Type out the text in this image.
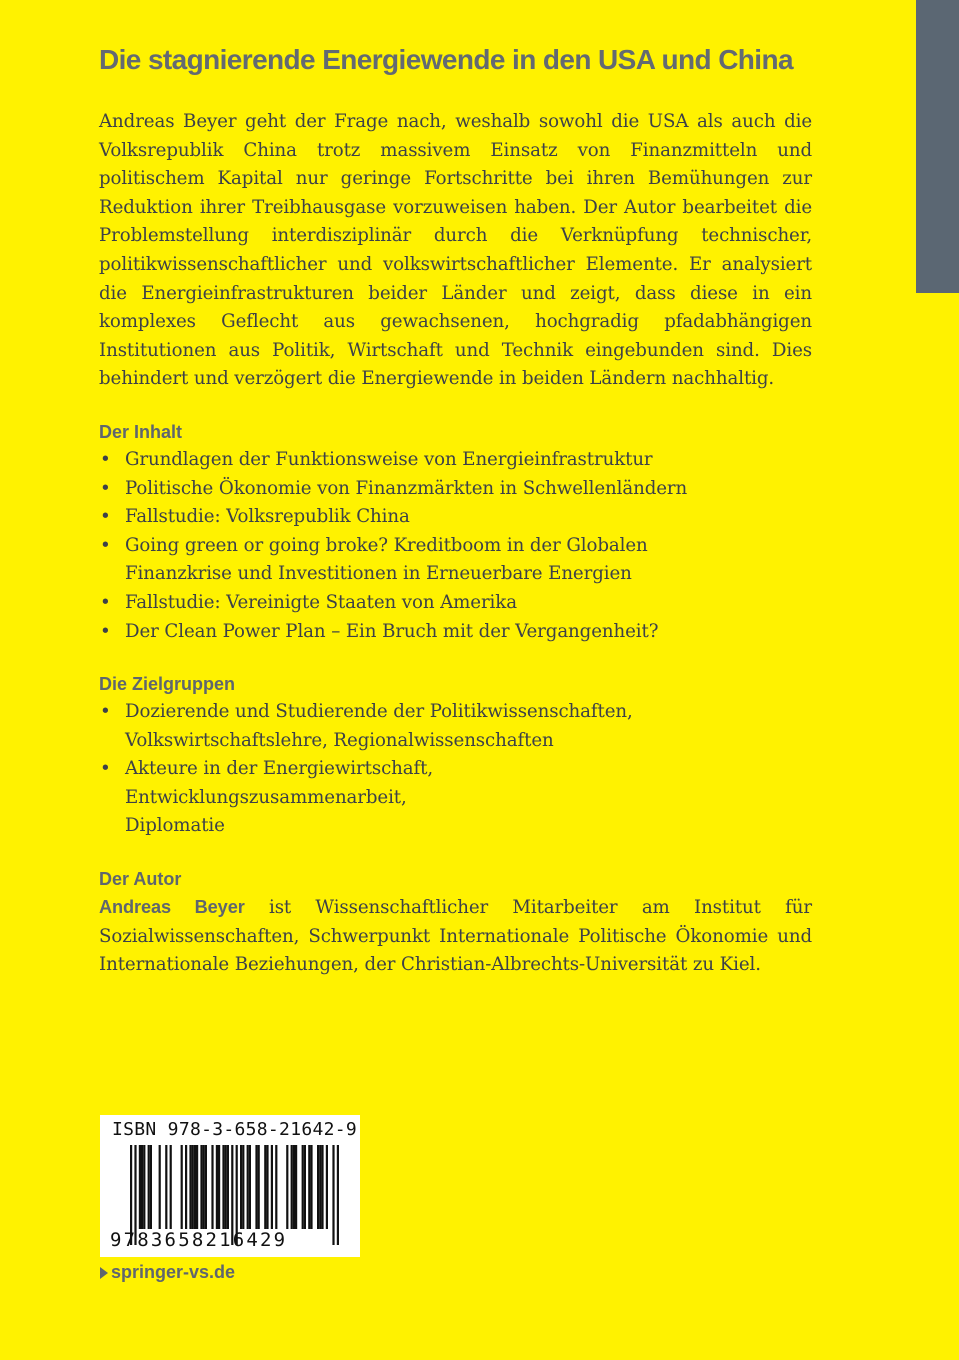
Die stagnierende Energiewende in den USA und China

Andreas Beyer geht der Frage nach, weshalb sowohl die USA als auch die Volksrepublik China trotz massivem Einsatz von Finanzmitteln und politischem Kapital nur geringe Fortschritte bei ihren Bemühungen zur Reduktion ihrer Treibhausgase vorzuweisen haben. Der Autor bearbeitet die Problemstellung interdisziplinär durch die Verknüpfung technischer, politikwissenschaftlicher und volkswirtschaftlicher Elemente. Er analysiert die Energieinfrastrukturen beider Länder und zeigt, dass diese in ein komplexes Geflecht aus gewachsenen, hochgradig pfadabhängigen Institutionen aus Politik, Wirtschaft und Technik eingebunden sind. Dies behindert und verzögert die Energiewende in beiden Ländern nachhaltig.

Der Inhalt
• Grundlagen der Funktionsweise von Energieinfrastruktur
• Politische Ökonomie von Finanzmärkten in Schwellenländern
• Fallstudie: Volksrepublik China
• Going green or going broke? Kreditboom in der Globalen Finanzkrise und Investitionen in Erneuerbare Energien
• Fallstudie: Vereinigte Staaten von Amerika
• Der Clean Power Plan – Ein Bruch mit der Vergangenheit?
Die Zielgruppen
• Dozierende und Studierende der Politikwissenschaften, Volkswirtschaftslehre, Regionalwissenschaften
• Akteure in der Energiewirtschaft, Entwicklungszusammenarbeit, Diplomatie
Der Autor

Andreas Beyer ist Wissenschaftlicher Mitarbeiter am Institut für Sozialwissenschaften, Schwerpunkt Internationale Politische Ökonomie und Internationale Beziehungen, der Christian-Albrechts-Universität zu Kiel.

ISBN 978-3-658-21642-9
9783658216429
springer-vs.de
